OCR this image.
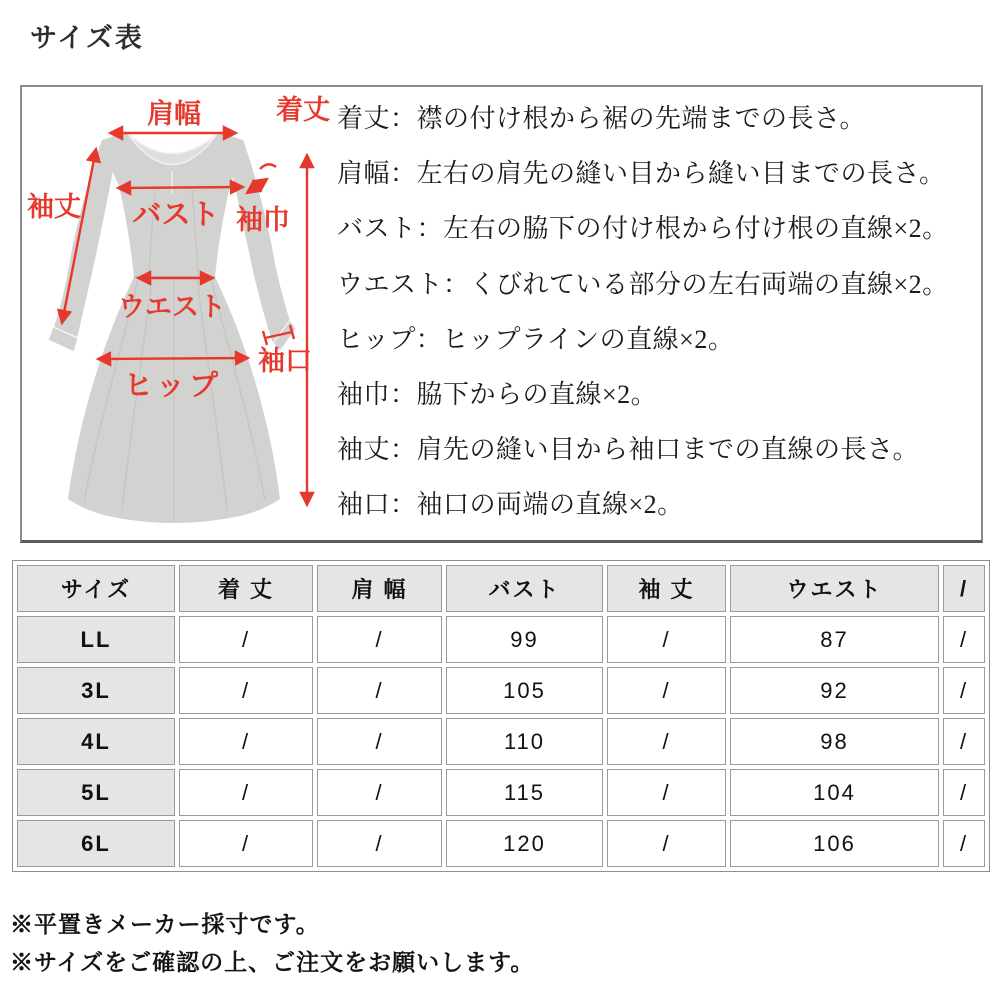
サイズ表
肩幅	着丈
袖丈 バスト 袖巾
ウエスト
ヒップ
袖口
着丈：襟の付け根から裾の先端までの長さ。
肩幅：左右の肩先の縫い目から縫い目までの長さ。
バスト：左右の脇下の付け根から付け根の直線×2。
ウエスト：くびれている部分の左右両端の直線×2。
ヒップ：ヒップラインの直線×2。
袖巾：脇下からの直線×2。
袖丈：肩先の縫い目から袖口までの直線の長さ。
袖口：袖口の両端の直線×2。
サイズ	着 丈	肩 幅	バスト	袖 丈	ウエスト	/
LL	/	/	99	/	87	/
3L	/	/	105	/	92	/
4L	/	/	110	/	98	/
5L	/	/	115	/	104	/
6L	/	/	120	/	106	/
※平置きメーカー採寸です。
※サイズをご確認の上、ご注文をお願いします。
